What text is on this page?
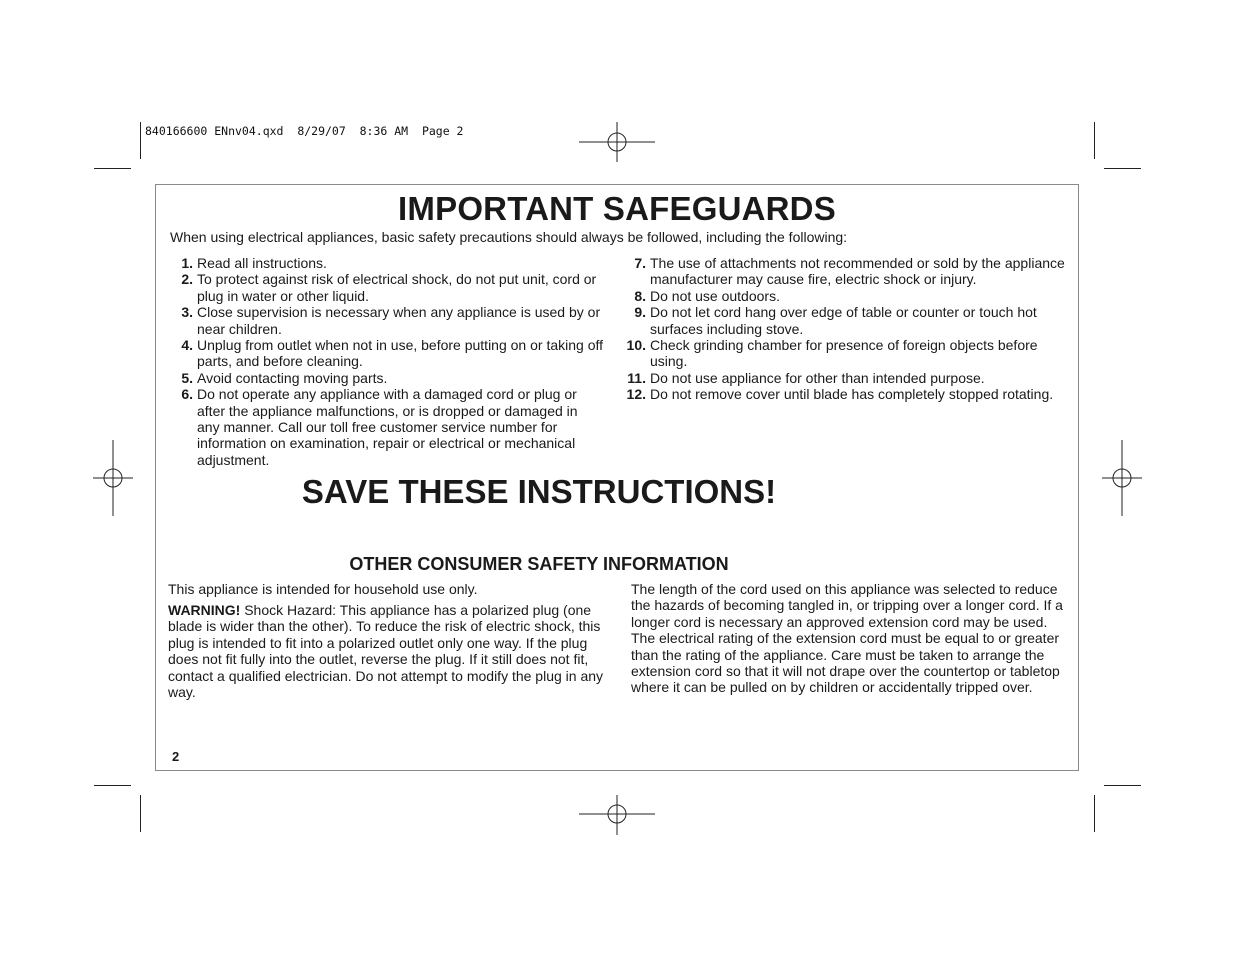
840166600 ENnv04.qxd  8/29/07  8:36 AM  Page 2
IMPORTANT SAFEGUARDS

When using electrical appliances, basic safety precautions should always be followed, including the following:

1. Read all instructions.
2. To protect against risk of electrical shock, do not put unit, cord or plug in water or other liquid.
3. Close supervision is necessary when any appliance is used by or near children.
4. Unplug from outlet when not in use, before putting on or taking off parts, and before cleaning.
5. Avoid contacting moving parts.
6. Do not operate any appliance with a damaged cord or plug or after the appliance malfunctions, or is dropped or damaged in any manner. Call our toll free customer service number for information on examination, repair or electrical or mechanical adjustment.
7. The use of attachments not recommended or sold by the appliance manufacturer may cause fire, electric shock or injury.
8. Do not use outdoors.
9. Do not let cord hang over edge of table or counter or touch hot surfaces including stove.
10. Check grinding chamber for presence of foreign objects before using.
11. Do not use appliance for other than intended purpose.
12. Do not remove cover until blade has completely stopped rotating.
SAVE THESE INSTRUCTIONS!
OTHER CONSUMER SAFETY INFORMATION

This appliance is intended for household use only.

WARNING! Shock Hazard: This appliance has a polarized plug (one blade is wider than the other). To reduce the risk of electric shock, this plug is intended to fit into a polarized outlet only one way. If the plug does not fit fully into the outlet, reverse the plug. If it still does not fit, contact a qualified electrician. Do not attempt to modify the plug in any way.

The length of the cord used on this appliance was selected to reduce the hazards of becoming tangled in, or tripping over a longer cord. If a longer cord is necessary an approved extension cord may be used. The electrical rating of the extension cord must be equal to or greater than the rating of the appliance. Care must be taken to arrange the extension cord so that it will not drape over the countertop or tabletop where it can be pulled on by children or accidentally tripped over.

2
